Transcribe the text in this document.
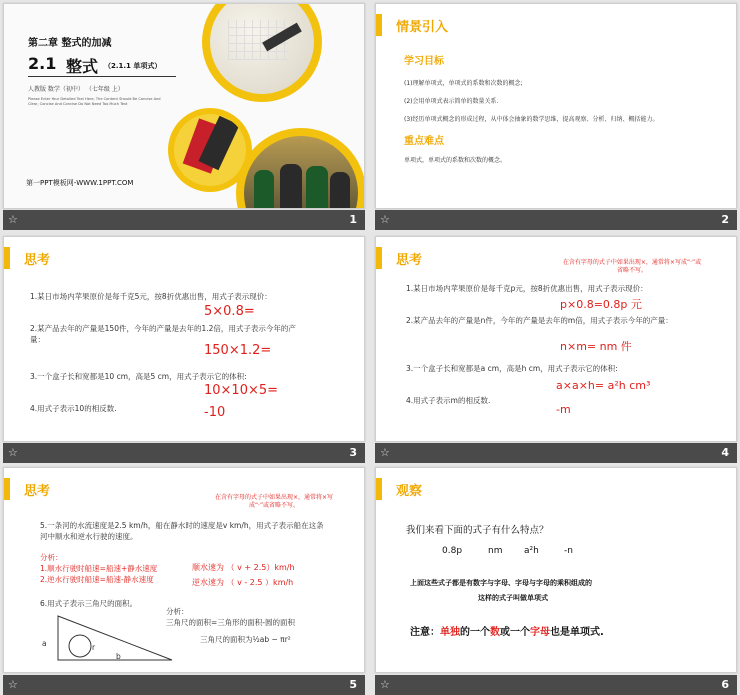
第二章 整式的加减
2.1 整式 （2.1.1 单项式）
人教版 数学（初中） （七年级 上）
Please Enter Your Detailed Text Here, The Content Should Be Concise And Clear, Concise And Concise Do Not Need Too Much Text
第一PPT模板网-WWW.1PPT.COM
☆	1
情景引入
学习目标
(1)理解单项式，单项式的系数和次数的概念;
(2)会用单项式表示简单的数量关系.
(3)经历单项式概念的形成过程，从中体会抽象的数学思维，提高观察、分析、归纳、概括能力。
重点难点
单项式，单项式的系数和次数的概念。
☆	2
思考
1.某日市场内苹果原价是每千克5元，按8折优惠出售，用式子表示现价：
5×0.8=
2.某产品去年的产量是150件，今年的产量是去年的1.2倍，用式子表示今年的产量：
150×1.2=
3.一个盒子长和宽都是10 cm，高是5 cm，用式子表示它的体积:
10×10×5=
4.用式子表示10的相反数.	-10
☆	3
思考	在含有字母的式子中如果出现×，通常将×写成“·”或省略不写。
1.某日市场内苹果原价是每千克p元，按8折优惠出售，用式子表示现价：
p×0.8=0.8p 元
2.某产品去年的产量是n件，今年的产量是去年的m倍，用式子表示今年的产量：
n×m= nm 件
3.一个盒子长和宽都是a cm，高是h cm，用式子表示它的体积:
a×a×h= a²h cm³
4.用式子表示m的相反数.
-m
☆	4
思考	在含有字母的式子中如果出现×，通常将×写成“·”或省略不写。
5.一条河的水流速度是2.5 km/h，船在静水时的速度是v km/h，用式子表示船在这条河中顺水和逆水行驶的速度。
分析：
1.顺水行驶时船速=船速+静水速度
2.逆水行驶时船速=船速-静水速度
顺水速为 （ v + 2.5）km/h
逆水速为 （ v - 2.5 ）km/h
6.用式子表示三角尺的面积。
分析：
三角尺的面积=三角形的面积-圆的面积
三角尺的面积为½ab − πr²
a
b
r
☆	5
观察
我们来看下面的式子有什么特点？
0.8p	nm a²h	-n
上面这些式子都是有数字与字母、字母与字母的乘积组成的
这样的式子叫做单项式
注意：单独的一个数或一个字母也是单项式.
☆	6
